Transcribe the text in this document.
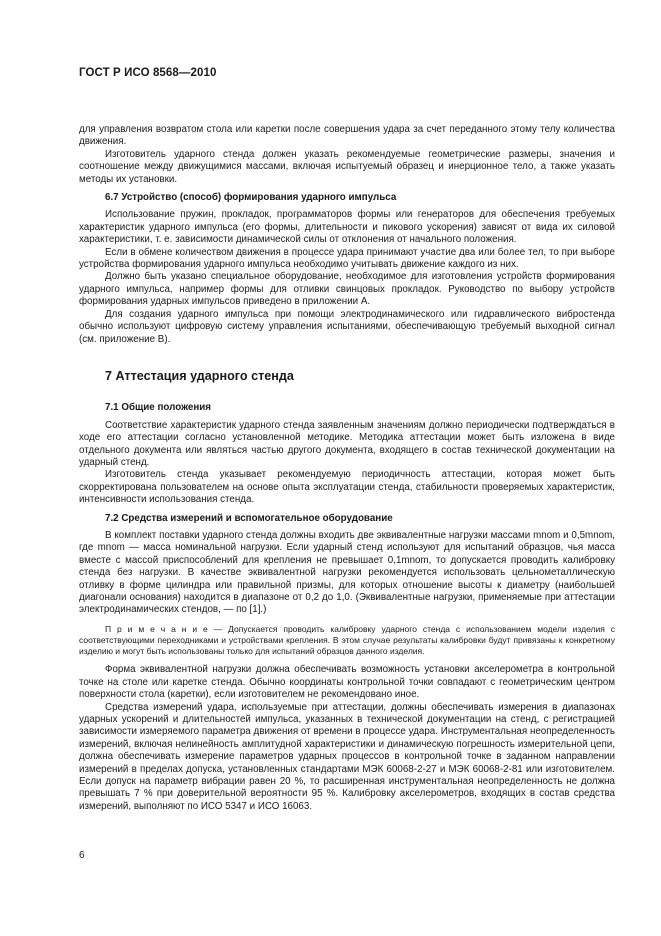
ГОСТ Р ИСО 8568—2010

для управления возвратом стола или каретки после совершения удара за счет переданного этому телу количества движения.

Изготовитель ударного стенда должен указать рекомендуемые геометрические размеры, значения и соотношение между движущимися массами, включая испытуемый образец и инерционное тело, а также указать методы их установки.

6.7 Устройство (способ) формирования ударного импульса

Использование пружин, прокладок, программаторов формы или генераторов для обеспечения требуемых характеристик ударного импульса (его формы, длительности и пикового ускорения) зависят от вида их силовой характеристики, т. е. зависимости динамической силы от отклонения от начального положения.

Если в обмене количеством движения в процессе удара принимают участие два или более тел, то при выборе устройства формирования ударного импульса необходимо учитывать движение каждого из них.

Должно быть указано специальное оборудование, необходимое для изготовления устройств формирования ударного импульса, например формы для отливки свинцовых прокладок. Руководство по выбору устройств формирования ударных импульсов приведено в приложении А.

Для создания ударного импульса при помощи электродинамического или гидравлического вибростенда обычно используют цифровую систему управления испытаниями, обеспечивающую требуемый выходной сигнал (см. приложение В).

7 Аттестация ударного стенда

7.1 Общие положения

Соответствие характеристик ударного стенда заявленным значениям должно периодически подтверждаться в ходе его аттестации согласно установленной методике. Методика аттестации может быть изложена в виде отдельного документа или являться частью другого документа, входящего в состав технической документации на ударный стенд.

Изготовитель стенда указывает рекомендуемую периодичность аттестации, которая может быть скорректирована пользователем на основе опыта эксплуатации стенда, стабильности проверяемых характеристик, интенсивности использования стенда.

7.2 Средства измерений и вспомогательное оборудование

В комплект поставки ударного стенда должны входить две эквивалентные нагрузки массами mnom и 0,5mnom, где mnom — масса номинальной нагрузки. Если ударный стенд используют для испытаний образцов, чья масса вместе с массой приспособлений для крепления не превышает 0,1mnom, то допускается проводить калибровку стенда без нагрузки. В качестве эквивалентной нагрузки рекомендуется использовать цельнометаллическую отливку в форме цилиндра или правильной призмы, для которых отношение высоты к диаметру (наибольшей диагонали основания) находится в диапазоне от 0,2 до 1,0. (Эквивалентные нагрузки, применяемые при аттестации электродинамических стендов, — по [1].)

П р и м е ч а н и е — Допускается проводить калибровку ударного стенда с использованием модели изделия с соответствующими переходниками и устройствами крепления. В этом случае результаты калибровки будут привязаны к конкретному изделию и могут быть использованы только для испытаний образцов данного изделия.

Форма эквивалентной нагрузки должна обеспечивать возможность установки акселерометра в контрольной точке на столе или каретке стенда. Обычно координаты контрольной точки совпадают с геометрическим центром поверхности стола (каретки), если изготовителем не рекомендовано иное.

Средства измерений удара, используемые при аттестации, должны обеспечивать измерения в диапазонах ударных ускорений и длительностей импульса, указанных в технической документации на стенд, с регистрацией зависимости измеряемого параметра движения от времени в процессе удара. Инструментальная неопределенность измерений, включая нелинейность амплитудной характеристики и динамическую погрешность измерительной цепи, должна обеспечивать измерение параметров ударных процессов в контрольной точке в заданном направлении измерений в пределах допуска, установленных стандартами МЭК 60068-2-27 и МЭК 60068-2-81 или изготовителем. Если допуск на параметр вибрации равен 20 %, то расширенная инструментальная неопределенность не должна превышать 7 % при доверительной вероятности 95 %. Калибровку акселерометров, входящих в состав средства измерений, выполняют по ИСО 5347 и ИСО 16063.

6
